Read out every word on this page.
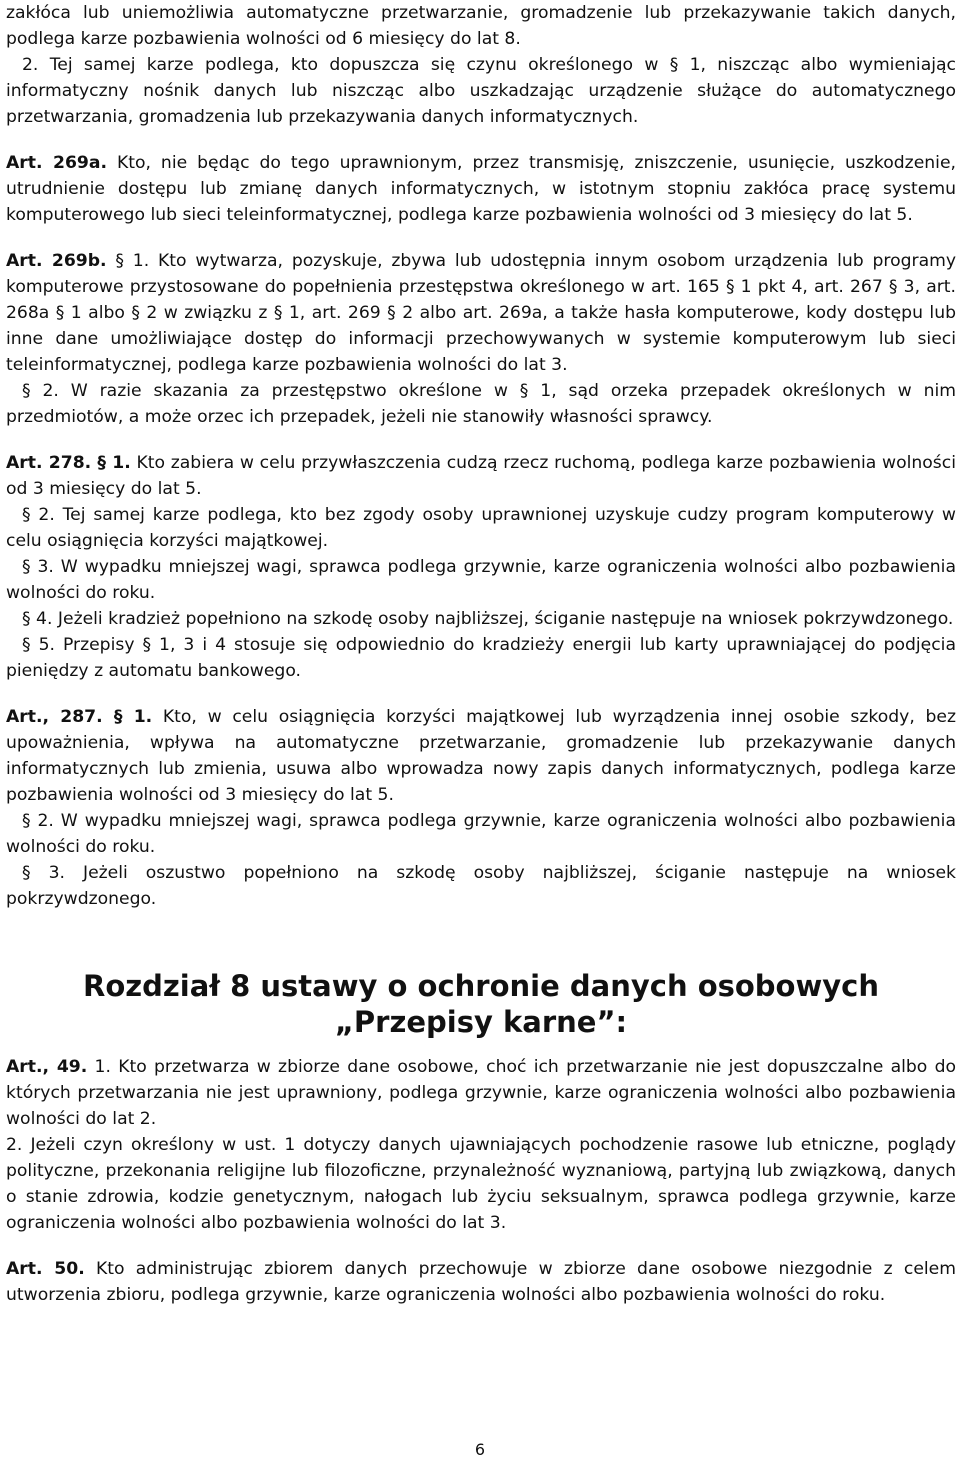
zakłóca lub uniemożliwia automatyczne przetwarzanie, gromadzenie lub przekazywanie takich danych, podlega karze pozbawienia wolności od 6 miesięcy do lat 8.

2. Tej samej karze podlega, kto dopuszcza się czynu określonego w § 1, niszcząc albo wymieniając informatyczny nośnik danych lub niszcząc albo uszkadzając urządzenie służące do automatycznego przetwarzania, gromadzenia lub przekazywania danych informatycznych.

Art. 269a. Kto, nie będąc do tego uprawnionym, przez transmisję, zniszczenie, usunięcie, uszkodzenie, utrudnienie dostępu lub zmianę danych informatycznych, w istotnym stopniu zakłóca pracę systemu komputerowego lub sieci teleinformatycznej, podlega karze pozbawienia wolności od 3 miesięcy do lat 5.

Art. 269b. § 1. Kto wytwarza, pozyskuje, zbywa lub udostępnia innym osobom urządzenia lub programy komputerowe przystosowane do popełnienia przestępstwa określonego w art. 165 § 1 pkt 4, art. 267 § 3, art. 268a § 1 albo § 2 w związku z § 1, art. 269 § 2 albo art. 269a, a także hasła komputerowe, kody dostępu lub inne dane umożliwiające dostęp do informacji przechowywanych w systemie komputerowym lub sieci teleinformatycznej, podlega karze pozbawienia wolności do lat 3.

§ 2. W razie skazania za przestępstwo określone w § 1, sąd orzeka przepadek określonych w nim przedmiotów, a może orzec ich przepadek, jeżeli nie stanowiły własności sprawcy.

Art. 278. § 1. Kto zabiera w celu przywłaszczenia cudzą rzecz ruchomą, podlega karze pozbawienia wolności od 3 miesięcy do lat 5.

§ 2. Tej samej karze podlega, kto bez zgody osoby uprawnionej uzyskuje cudzy program komputerowy w celu osiągnięcia korzyści majątkowej.

§ 3. W wypadku mniejszej wagi, sprawca podlega grzywnie, karze ograniczenia wolności albo pozbawienia wolności do roku.

§ 4. Jeżeli kradzież popełniono na szkodę osoby najbliższej, ściganie następuje na wniosek pokrzywdzonego.

§ 5. Przepisy § 1, 3 i 4 stosuje się odpowiednio do kradzieży energii lub karty uprawniającej do podjęcia pieniędzy z automatu bankowego.

Art., 287. § 1. Kto, w celu osiągnięcia korzyści majątkowej lub wyrządzenia innej osobie szkody, bez upoważnienia, wpływa na automatyczne przetwarzanie, gromadzenie lub przekazywanie danych informatycznych lub zmienia, usuwa albo wprowadza nowy zapis danych informatycznych, podlega karze pozbawienia wolności od 3 miesięcy do lat 5.

§ 2. W wypadku mniejszej wagi, sprawca podlega grzywnie, karze ograniczenia wolności albo pozbawienia wolności do roku.

§ 3. Jeżeli oszustwo popełniono na szkodę osoby najbliższej, ściganie następuje na wniosek pokrzywdzonego.

Rozdział 8 ustawy o ochronie danych osobowych „Przepisy karne”:

Art., 49. 1. Kto przetwarza w zbiorze dane osobowe, choć ich przetwarzanie nie jest dopuszczalne albo do których przetwarzania nie jest uprawniony, podlega grzywnie, karze ograniczenia wolności albo pozbawienia wolności do lat 2.

2. Jeżeli czyn określony w ust. 1 dotyczy danych ujawniających pochodzenie rasowe lub etniczne, poglądy polityczne, przekonania religijne lub filozoficzne, przynależność wyznaniową, partyjną lub związkową, danych o stanie zdrowia, kodzie genetycznym, nałogach lub życiu seksualnym, sprawca podlega grzywnie, karze ograniczenia wolności albo pozbawienia wolności do lat 3.

Art. 50. Kto administrując zbiorem danych przechowuje w zbiorze dane osobowe niezgodnie z celem utworzenia zbioru, podlega grzywnie, karze ograniczenia wolności albo pozbawienia wolności do roku.

6
